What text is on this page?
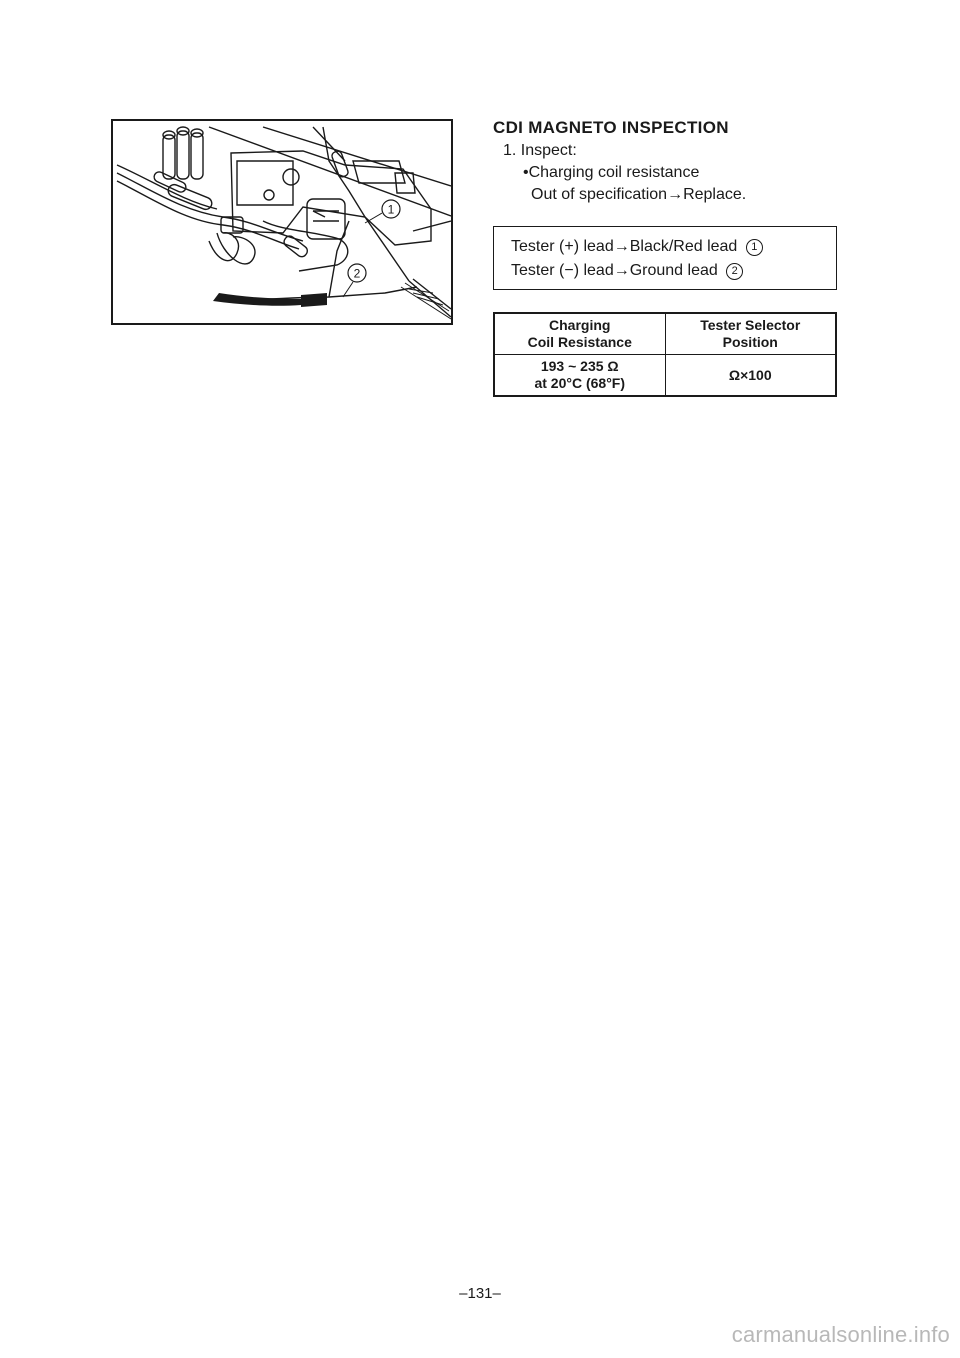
1
2
CDI MAGNETO INSPECTION
1. Inspect:
•Charging coil resistance
Out of specification→Replace.
Tester (+) lead→Black/Red lead 1
Tester (−) lead→Ground lead 2
Charging
Coil Resistance	Tester Selector
Position
193 ~ 235 Ω
at 20°C (68°F)	Ω×100
–131–
carmanualsonline.info
